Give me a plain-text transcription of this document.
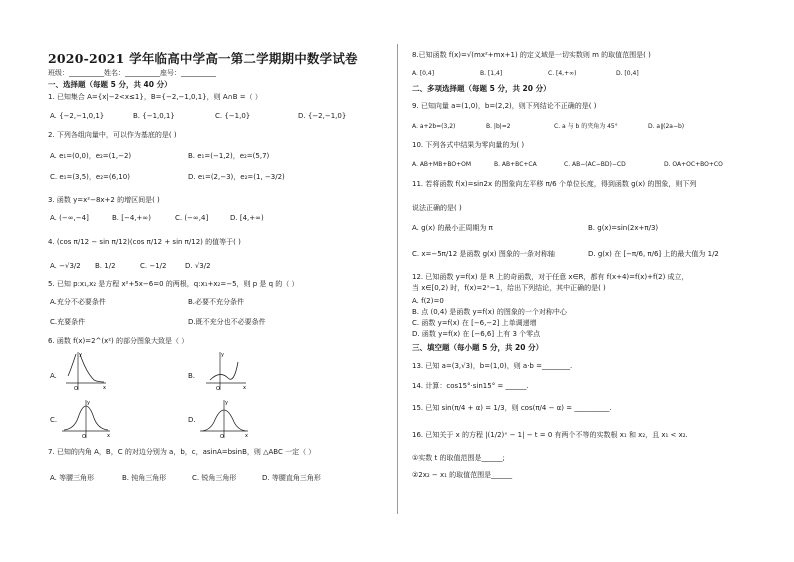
2020-2021 学年临高中学高一第二学期期中数学试卷
班级：__________姓名：__________座号：__________
一、选择题（每题 5 分，共 40 分）
1. 已知集合 A={x|−2<x≤1}，B={−2,−1,0,1}，则 A∩B =（ ）
A. {−2,−1,0,1}	B. {−1,0,1}	C. {−1,0}	D. {−2,−1,0}
2. 下列各组向量中，可以作为基底的是( )
A. e₁=(0,0)，e₂=(1,−2)	B. e₁=(−1,2)，e₂=(5,7)
C. e₁=(3,5)，e₂=(6,10)	D. e₁=(2,−3)，e₂=(1, −3/2)
3. 函数 y=x²−8x+2 的增区间是( )
A. (−∞,−4]	B. [−4,+∞)	C. (−∞,4]	D. [4,+∞)
4. (cos π/12 − sin π/12)(cos π/12 + sin π/12) 的值等于( )
A. −√3/2 B. 1/2	C. −1/2	D. √3/2
5. 已知 p:x₁,x₂ 是方程 x²+5x−6=0 的两根，q:x₁+x₂=−5，则 p 是 q 的（ ）
A.充分不必要条件	B.必要不充分条件
C.充要条件	D.既不充分也不必要条件
6. 函数 f(x)=2^(x²) 的部分图象大致是（ ）
A.
y
x
O
B.
y
x
O
C.
y
x
O
D.
y
x
O
7. 已知的内角 A，B，C 的对边分别为 a，b，c，asinA=bsinB，则 △ABC 一定（ ）
A. 等腰三角形	B. 钝角三角形	C. 锐角三角形	D. 等腰直角三角形
8.已知函数 f(x)=√(mx²+mx+1) 的定义域是一切实数则 m 的取值范围是( )
A. [0,4]	B. [1,4]	C. [4,+∞)	D. [0,4]
二、多项选择题（每题 5 分，共 20 分）
9. 已知向量 a=(1,0)，b=(2,2)，则下列结论不正确的是( )
A. a+2b=(3,2)	B. |b|=2	C. a 与 b 的夹角为 45°	D. a∥(2a−b)
10. 下列各式中结果为零向量的为( )
A. AB+MB+BO+OM	B. AB+BC+CA	C. AB−(AC−BD)−CD	D. OA+OC+BO+CO
11. 若将函数 f(x)=sin2x 的图象向左平移 π/6 个单位长度，得到函数 g(x) 的图象，则下列
说法正确的是( )
A. g(x) 的最小正周期为 π	B. g(x)=sin(2x+π/3)
C. x=−5π/12 是函数 g(x) 图象的一条对称轴	D. g(x) 在 [−π/6, π/6] 上的最大值为 1/2
12. 已知函数 y=f(x) 是 R 上的奇函数，对于任意 x∈R，都有 f(x+4)=f(x)+f(2) 成立，
当 x∈[0,2) 时，f(x)=2ˣ−1，给出下列结论，其中正确的是( )
A. f(2)=0
B. 点 (0,4) 是函数 y=f(x) 的图象的一个对称中心
C. 函数 y=f(x) 在 [−6,−2] 上单调递增
D. 函数 y=f(x) 在 [−6,6] 上有 3 个零点
三、填空题（每小题 5 分，共 20 分）
13. 已知 a=(3,√3)，b=(1,0)，则 a·b =________.
14. 计算：cos15°·sin15° = ______.
15. 已知 sin(π/4 + α) = 1/3，则 cos(π/4 − α) = __________.
16. 已知关于 x 的方程 |(1/2)ˣ − 1| − t = 0 有两个不等的实数根 x₁ 和 x₂，且 x₁ < x₂.
①实数 t 的取值范围是______;
②2x₂ − x₁ 的取值范围是______
